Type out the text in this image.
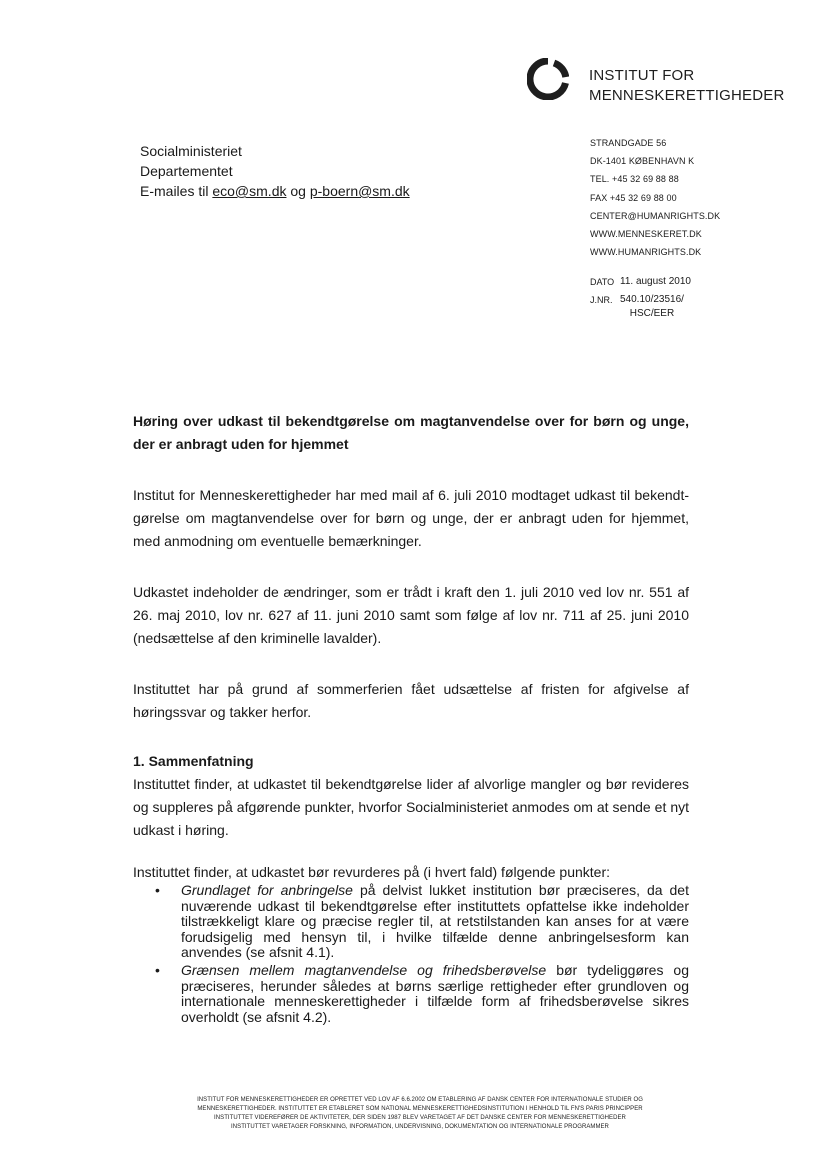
INSTITUT FOR
MENNESKERETTIGHEDER
Socialministeriet
Departementet
E-mailes til eco@sm.dk og p-boern@sm.dk
STRANDGADE 56
DK-1401 KØBENHAVN K
TEL. +45 32 69 88 88
FAX +45 32 69 88 00
CENTER@HUMANRIGHTS.DK
WWW.MENNESKERET.DK
WWW.HUMANRIGHTS.DK
DATO 11. august 2010
J.NR. 540.10/23516/
HSC/EER

Høring over udkast til bekendtgørelse om magtanvendelse over for børn og unge, der er anbragt uden for hjemmet

Institut for Menneskerettigheder har med mail af 6. juli 2010 modtaget udkast til bekendt-gørelse om magtanvendelse over for børn og unge, der er anbragt uden for hjemmet, med anmodning om eventuelle bemærkninger.

Udkastet indeholder de ændringer, som er trådt i kraft den 1. juli 2010 ved lov nr. 551 af 26. maj 2010, lov nr. 627 af 11. juni 2010 samt som følge af lov nr. 711 af 25. juni 2010 (nedsættelse af den kriminelle lavalder).

Instituttet har på grund af sommerferien fået udsættelse af fristen for afgivelse af høringssvar og takker herfor.

1. Sammenfatning

Instituttet finder, at udkastet til bekendtgørelse lider af alvorlige mangler og bør revideres og suppleres på afgørende punkter, hvorfor Socialministeriet anmodes om at sende et nyt udkast i høring.

Instituttet finder, at udkastet bør revurderes på (i hvert fald) følgende punkter:

• Grundlaget for anbringelse på delvist lukket institution bør præciseres, da det nuværende udkast til bekendtgørelse efter instituttets opfattelse ikke indeholder tilstrækkeligt klare og præcise regler til, at retstilstanden kan anses for at være forudsigelig med hensyn til, i hvilke tilfælde denne anbringelsesform kan anvendes (se afsnit 4.1).
• Grænsen mellem magtanvendelse og frihedsberøvelse bør tydeliggøres og præciseres, herunder således at børns særlige rettigheder efter grundloven og internationale menneskerettigheder i tilfælde form af frihedsberøvelse sikres overholdt (se afsnit 4.2).
INSTITUT FOR MENNESKERETTIGHEDER ER OPRETTET VED LOV AF 6.6.2002 OM ETABLERING AF DANSK CENTER FOR INTERNATIONALE STUDIER OG
MENNESKERETTIGHEDER. INSTITUTTET ER ETABLERET SOM NATIONAL MENNESKERETTIGHEDSINSTITUTION I HENHOLD TIL FN'S PARIS PRINCIPPER
INSTITUTTET VIDEREFØRER DE AKTIVITETER, DER SIDEN 1987 BLEV VARETAGET AF DET DANSKE CENTER FOR MENNESKERETTIGHEDER
INSTITUTTET VARETAGER FORSKNING, INFORMATION, UNDERVISNING, DOKUMENTATION OG INTERNATIONALE PROGRAMMER
